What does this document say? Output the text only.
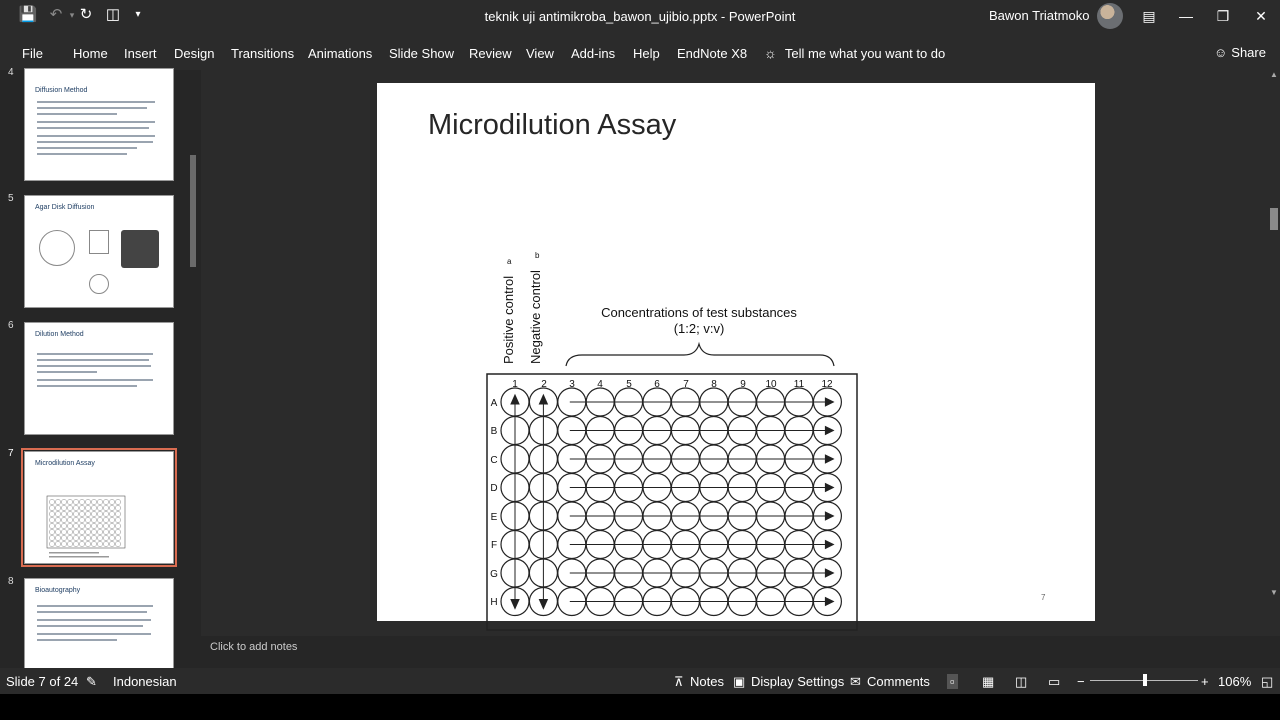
💾 ↶ ▾ ↻ ◫	▾	teknik uji antimikroba_bawon_ujibio.pptx - PowerPoint	Bawon Triatmoko	▤	—	❐	✕
File Home Insert Design Transitions Animations Slide Show Review View Add-ins Help EndNote X8 ☼ Tell me what you want to do	☺ Share
4
Diffusion Method
5
Agar Disk Diffusion
6
Dilution Method
7
Microdilution Assay
8
Bioautography
Microdilution Assay
Positive control
a
Negative control
b
Concentrations of test substances
(1:2; v:v)
1 2 3 4 5 6 7 8 9 10 11 12
A
B
C
D
E
F
G
H	7
▲
▼
Click to add notes
Slide 7 of 24 ✎ Indonesian	⊼ Notes ▣ Display Settings ✉ Comments ▫ ▦ ◫ ▭ −	+ 106% ◱
